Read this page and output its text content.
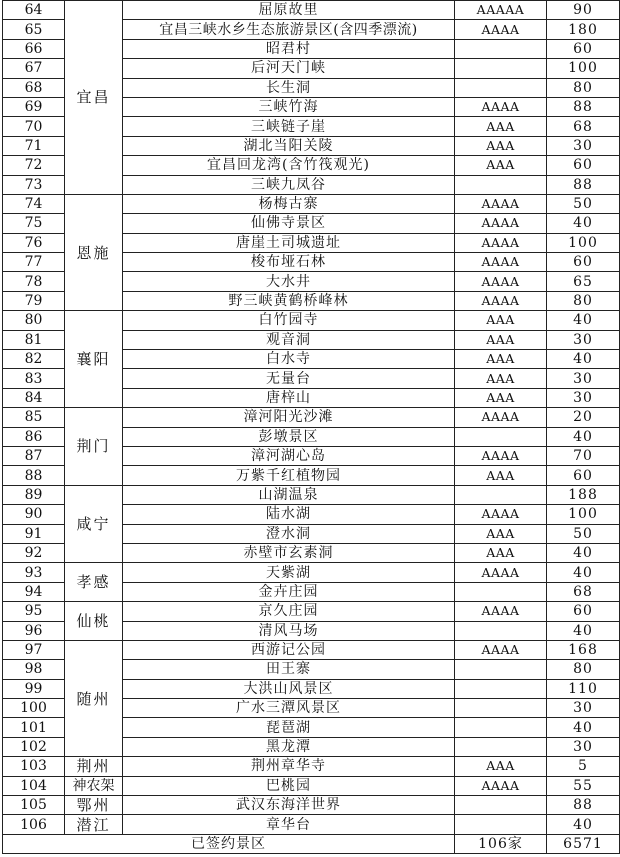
64	宜昌	屈原故里	AAAAA	90
65		宜昌三峡水乡生态旅游景区(含四季漂流)	AAAA	180
66		昭君村		60
67		后河天门峡		100
68		长生洞		80
69		三峡竹海	AAAA	88
70		三峡链子崖	AAA	68
71		湖北当阳关陵	AAA	30
72		宜昌回龙湾(含竹筏观光)	AAA	60
73		三峡九凤谷		88
74	恩施	杨梅古寨	AAAA	50
75		仙佛寺景区	AAAA	40
76		唐崖土司城遗址	AAAA	100
77		梭布垭石林	AAAA	60
78		大水井	AAAA	65
79		野三峡黄鹤桥峰林	AAAA	80
80	襄阳	白竹园寺	AAA	40
81		观音洞	AAA	30
82		白水寺	AAA	40
83		无量台	AAA	30
84		唐梓山	AAA	30
85	荆门	漳河阳光沙滩	AAAA	20
86		彭墩景区		40
87		漳河湖心岛	AAAA	70
88		万紫千红植物园	AAA	60
89	咸宁	山湖温泉		188
90		陆水湖	AAAA	100
91		澄水洞	AAA	50
92		赤壁市玄素洞	AAA	40
93	孝感	天紫湖	AAAA	40
94		金卉庄园		68
95	仙桃	京久庄园	AAAA	60
96		清风马场		40
97	随州	西游记公园	AAAA	168
98		田王寨		80
99		大洪山风景区		110
100		广水三潭风景区		30
101		琵琶湖		40
102		黑龙潭		30
103	荆州	荆州章华寺	AAA	5
104	神农架	巴桃园	AAAA	55
105	鄂州	武汉东海洋世界		88
106	潜江	章华台		40
已签约景区			106家	6571
